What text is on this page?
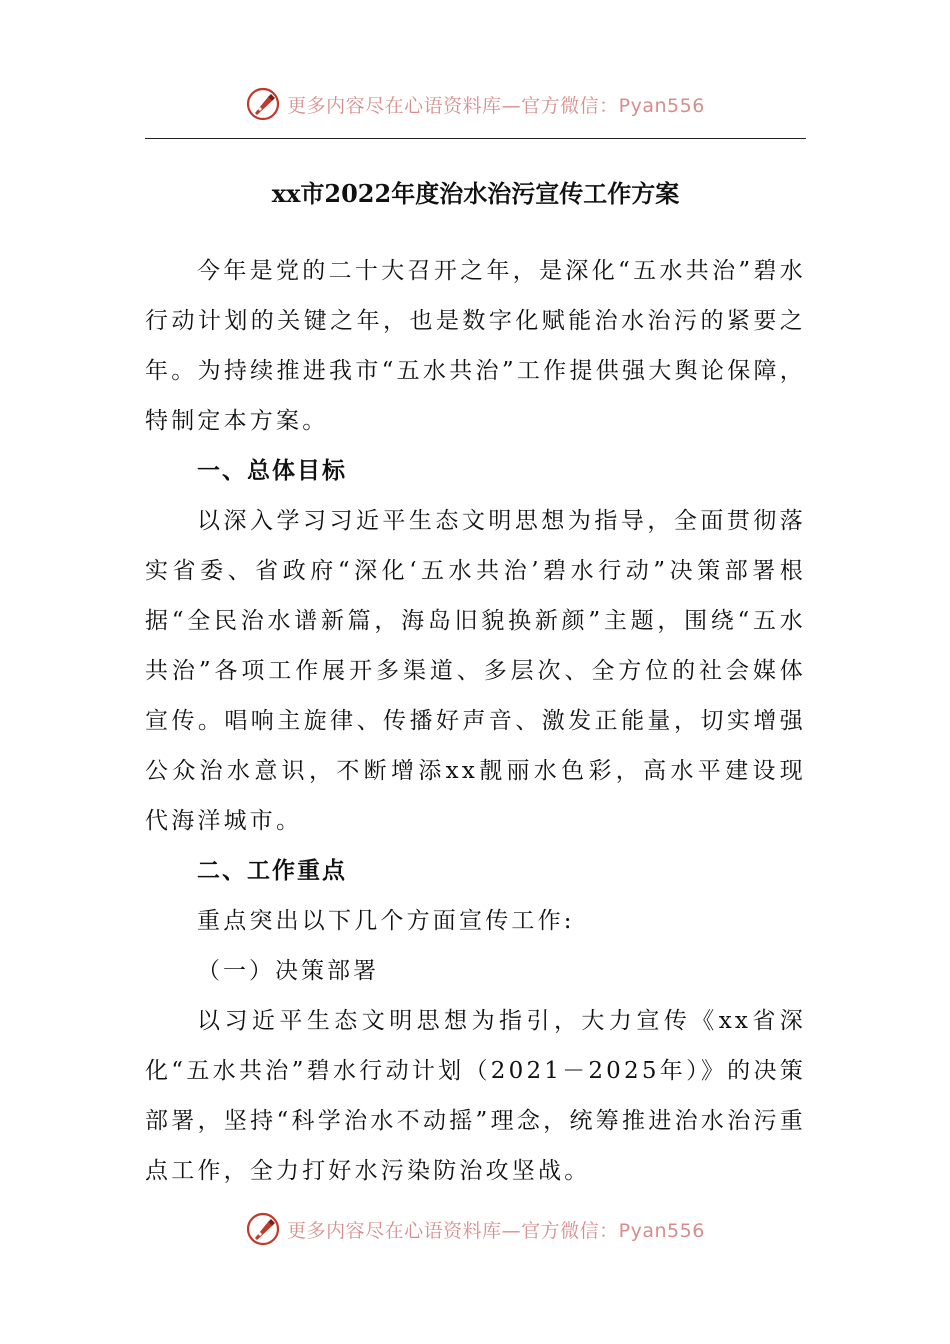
更多内容尽在心语资料库—官方微信：Pyan556
xx市2022年度治水治污宣传工作方案

今年是党的二十大召开之年，是深化“五水共治”碧水行动计划的关键之年，也是数字化赋能治水治污的紧要之年。为持续推进我市“五水共治”工作提供强大舆论保障，特制定本方案。

一、总体目标

以深入学习习近平生态文明思想为指导，全面贯彻落实省委、省政府“深化‘五水共治’碧水行动”决策部署根据“全民治水谱新篇，海岛旧貌换新颜”主题，围绕“五水共治”各项工作展开多渠道、多层次、全方位的社会媒体宣传。唱响主旋律、传播好声音、激发正能量，切实增强公众治水意识，不断增添xx靓丽水色彩，高水平建设现代海洋城市。

二、工作重点

重点突出以下几个方面宣传工作:

（一）决策部署

以习近平生态文明思想为指引，大力宣传《xx省深化“五水共治”碧水行动计划（2021－2025年）》的决策部署，坚持“科学治水不动摇”理念，统筹推进治水治污重点工作，全力打好水污染防治攻坚战。

更多内容尽在心语资料库—官方微信：Pyan556
